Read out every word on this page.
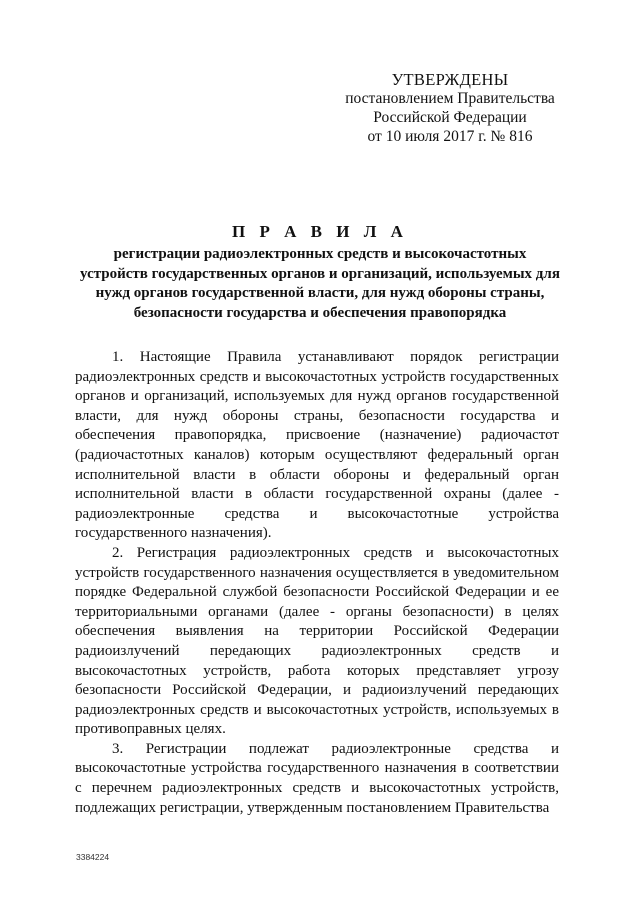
УТВЕРЖДЕНЫ
постановлением Правительства
Российской Федерации
от 10 июля 2017 г. № 816
П Р А В И Л А
регистрации радиоэлектронных средств и высокочастотных устройств государственных органов и организаций, используемых для нужд органов государственной власти, для нужд обороны страны, безопасности государства и обеспечения правопорядка

1. Настоящие Правила устанавливают порядок регистрации радиоэлектронных средств и высокочастотных устройств государственных органов и организаций, используемых для нужд органов государственной власти, для нужд обороны страны, безопасности государства и обеспечения правопорядка, присвоение (назначение) радиочастот (радиочастотных каналов) которым осуществляют федеральный орган исполнительной власти в области обороны и федеральный орган исполнительной власти в области государственной охраны (далее - радиоэлектронные средства и высокочастотные устройства государственного назначения).

2. Регистрация радиоэлектронных средств и высокочастотных устройств государственного назначения осуществляется в уведомительном порядке Федеральной службой безопасности Российской Федерации и ее территориальными органами (далее - органы безопасности) в целях обеспечения выявления на территории Российской Федерации радиоизлучений передающих радиоэлектронных средств и высокочастотных устройств, работа которых представляет угрозу безопасности Российской Федерации, и радиоизлучений передающих радиоэлектронных средств и высокочастотных устройств, используемых в противоправных целях.

3. Регистрации подлежат радиоэлектронные средства и высокочастотные устройства государственного назначения в соответствии с перечнем радиоэлектронных средств и высокочастотных устройств, подлежащих регистрации, утвержденным постановлением Правительства

3384224
